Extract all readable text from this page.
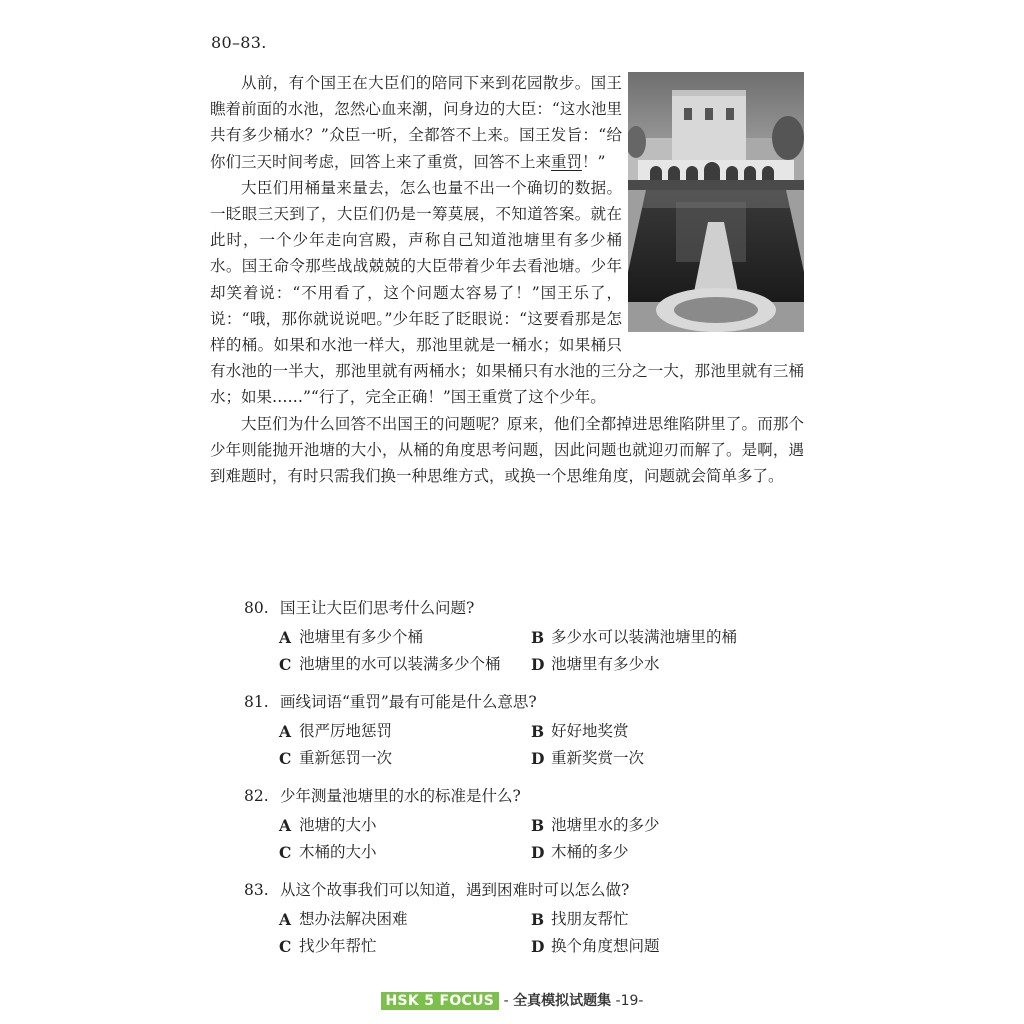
80–83.

从前，有个国王在大臣们的陪同下来到花园散步。国王瞧着前面的水池，忽然心血来潮，问身边的大臣：“这水池里共有多少桶水？”众臣一听，全都答不上来。国王发旨：“给你们三天时间考虑，回答上来了重赏，回答不上来重罚！”

大臣们用桶量来量去，怎么也量不出一个确切的数据。一眨眼三天到了，大臣们仍是一筹莫展，不知道答案。就在此时，一个少年走向宫殿，声称自己知道池塘里有多少桶水。国王命令那些战战兢兢的大臣带着少年去看池塘。少年却笑着说：“不用看了，这个问题太容易了！”国王乐了，说：“哦，那你就说说吧。”少年眨了眨眼说：“这要看那是怎样的桶。如果和水池一样大，那池里就是一桶水；如果桶只有水池的一半大，那池里就有两桶水；如果桶只有水池的三分之一大，那池里就有三桶水；如果……”“行了，完全正确！”国王重赏了这个少年。

大臣们为什么回答不出国王的问题呢？原来，他们全都掉进思维陷阱里了。而那个少年则能抛开池塘的大小，从桶的角度思考问题，因此问题也就迎刃而解了。是啊，遇到难题时，有时只需我们换一种思维方式，或换一个思维角度，问题就会简单多了。

80. 国王让大臣们思考什么问题?
A 池塘里有多少个桶	B 多少水可以装满池塘里的桶
C 池塘里的水可以装满多少个桶 D 池塘里有多少水
81. 画线词语“重罚”最有可能是什么意思?
A 很严厉地惩罚	B 好好地奖赏
C 重新惩罚一次	D 重新奖赏一次
82. 少年测量池塘里的水的标准是什么?
A 池塘的大小	B 池塘里水的多少
C 木桶的大小	D 木桶的多少
83. 从这个故事我们可以知道，遇到困难时可以怎么做?
A 想办法解决困难	B 找朋友帮忙
C 找少年帮忙	D 换个角度想问题
HSK 5 FOCUS - 全真模拟试题集 -19-
